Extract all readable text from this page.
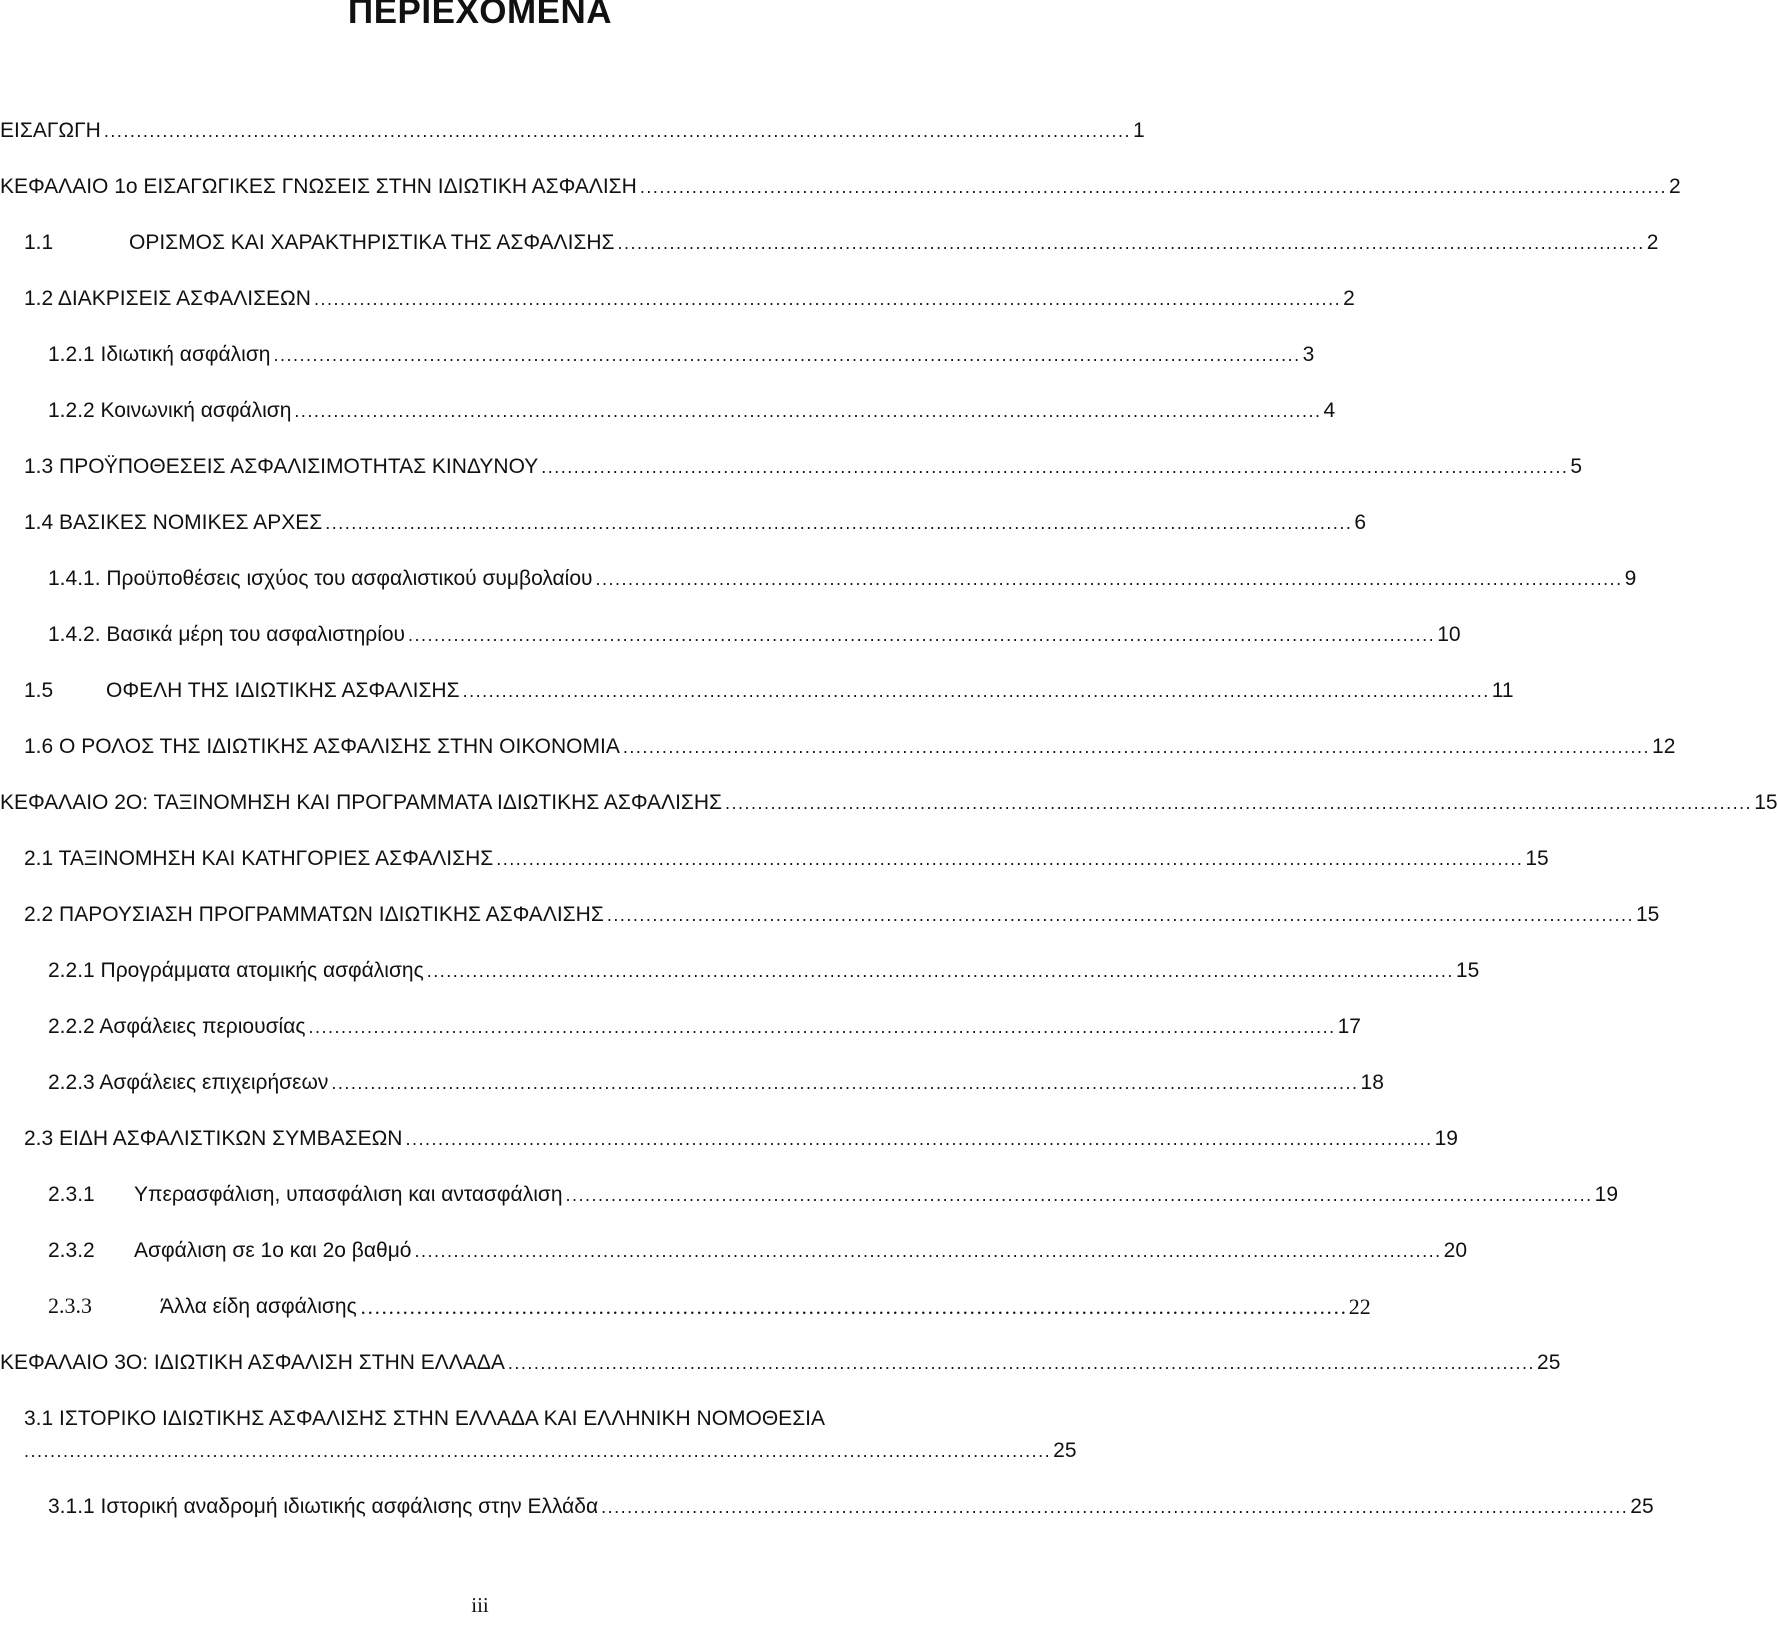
ΠΕΡΙΕΧΟΜΕΝΑ
ΕΙΣΑΓΩΓΗ .............................................................................................................................................................. 1
ΚΕΦΑΛΑΙΟ 1ο ΕΙΣΑΓΩΓΙΚΕΣ ΓΝΩΣΕΙΣ ΣΤΗΝ ΙΔΙΩΤΙΚΗ ΑΣΦΑΛΙΣΗ .............................................................................................................................................................. 2
1.1	ΟΡΙΣΜΟΣ ΚΑΙ ΧΑΡΑΚΤΗΡΙΣΤΙΚΑ ΤΗΣ ΑΣΦΑΛΙΣΗΣ .............................................................................................................................................................. 2
1.2 ΔΙΑΚΡΙΣΕΙΣ ΑΣΦΑΛΙΣΕΩΝ .............................................................................................................................................................. 2
1.2.1 Ιδιωτική ασφάλιση .............................................................................................................................................................. 3
1.2.2 Κοινωνική ασφάλιση .............................................................................................................................................................. 4
1.3 ΠΡΟΫΠΟΘΕΣΕΙΣ ΑΣΦΑΛΙΣΙΜΟΤΗΤΑΣ ΚΙΝΔΥΝΟΥ .............................................................................................................................................................. 5
1.4 ΒΑΣΙΚΕΣ ΝΟΜΙΚΕΣ ΑΡΧΕΣ .............................................................................................................................................................. 6
1.4.1. Προϋποθέσεις ισχύος του ασφαλιστικού συμβολαίου .............................................................................................................................................................. 9
1.4.2. Βασικά μέρη του ασφαλιστηρίου .............................................................................................................................................................. 10
1.5	ΟΦΕΛΗ ΤΗΣ ΙΔΙΩΤΙΚΗΣ ΑΣΦΑΛΙΣΗΣ .............................................................................................................................................................. 11
1.6 Ο ΡΟΛΟΣ ΤΗΣ ΙΔΙΩΤΙΚΗΣ ΑΣΦΑΛΙΣΗΣ ΣΤΗΝ ΟΙΚΟΝΟΜΙΑ .............................................................................................................................................................. 12
ΚΕΦΑΛΑΙΟ 2Ο: ΤΑΞΙΝΟΜΗΣΗ ΚΑΙ ΠΡΟΓΡΑΜΜΑΤΑ ΙΔΙΩΤΙΚΗΣ ΑΣΦΑΛΙΣΗΣ .............................................................................................................................................................. 15
2.1 ΤΑΞΙΝΟΜΗΣΗ ΚΑΙ ΚΑΤΗΓΟΡΙΕΣ ΑΣΦΑΛΙΣΗΣ .............................................................................................................................................................. 15
2.2 ΠΑΡΟΥΣΙΑΣΗ ΠΡΟΓΡΑΜΜΑΤΩΝ ΙΔΙΩΤΙΚΗΣ ΑΣΦΑΛΙΣΗΣ .............................................................................................................................................................. 15
2.2.1 Προγράμματα ατομικής ασφάλισης .............................................................................................................................................................. 15
2.2.2 Ασφάλειες περιουσίας .............................................................................................................................................................. 17
2.2.3 Ασφάλειες επιχειρήσεων .............................................................................................................................................................. 18
2.3 ΕΙΔΗ ΑΣΦΑΛΙΣΤΙΚΩΝ ΣΥΜΒΑΣΕΩΝ .............................................................................................................................................................. 19
2.3.1 Υπερασφάλιση, υπασφάλιση και αντασφάλιση .............................................................................................................................................................. 19
2.3.2 Ασφάλιση σε 1ο και 2ο βαθμό .............................................................................................................................................................. 20
2.3.3	Άλλα είδη ασφάλισης …………………………………………………………………………………………………………………………… 22
ΚΕΦΑΛΑΙΟ 3Ο: ΙΔΙΩΤΙΚΗ ΑΣΦΑΛΙΣΗ ΣΤΗΝ ΕΛΛΑΔΑ .............................................................................................................................................................. 25
3.1 ΙΣΤΟΡΙΚΟ ΙΔΙΩΤΙΚΗΣ ΑΣΦΑΛΙΣΗΣ ΣΤΗΝ ΕΛΛΑΔΑ ΚΑΙ ΕΛΛΗΝΙΚΗ ΝΟΜΟΘΕΣΙΑ
.............................................................................................................................................................. 25
3.1.1 Ιστορική αναδρομή ιδιωτικής ασφάλισης στην Ελλάδα .............................................................................................................................................................. 25
iii
